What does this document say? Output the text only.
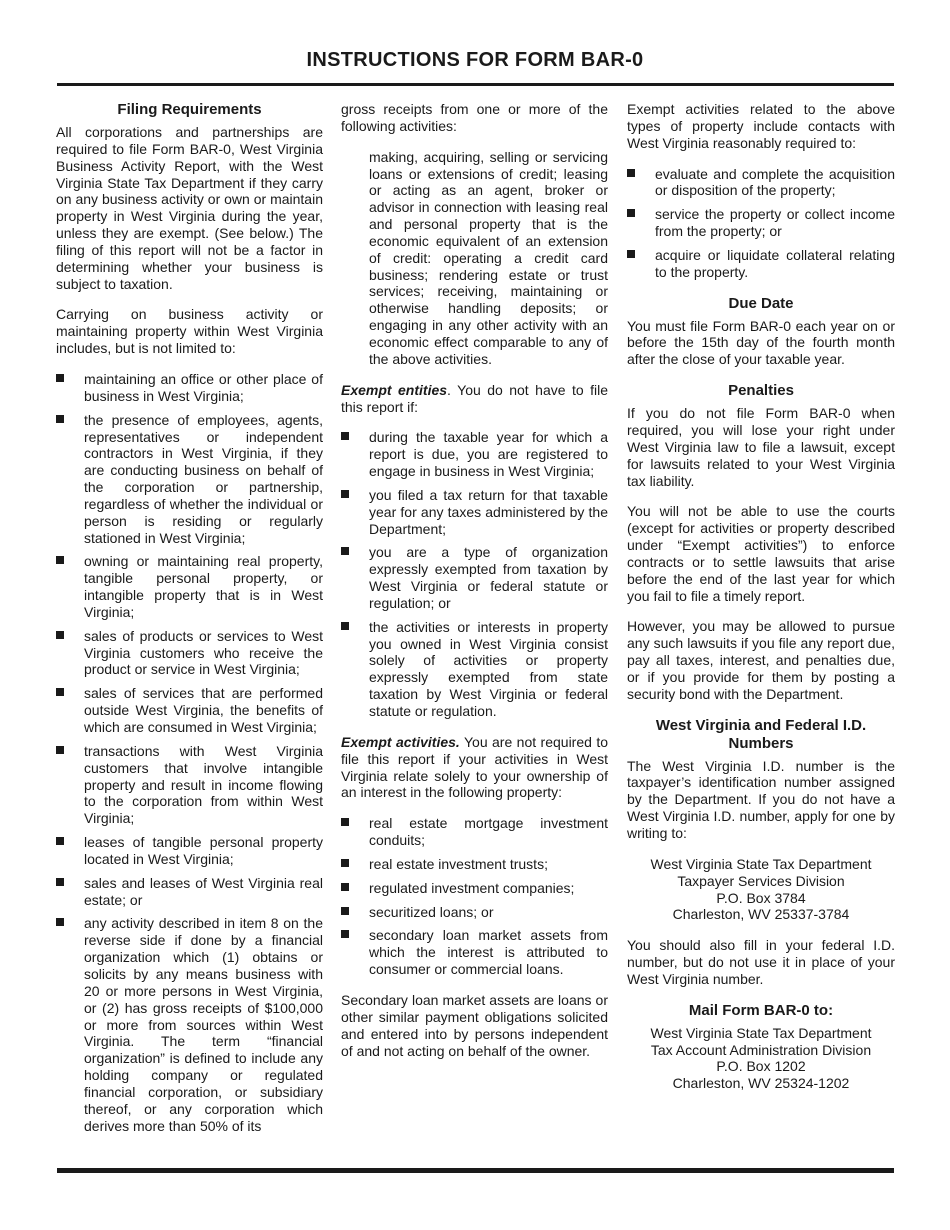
INSTRUCTIONS FOR FORM BAR-0
Filing Requirements

All corporations and partnerships are required to file Form BAR-0, West Virginia Business Activity Report, with the West Virginia State Tax Department if they carry on any business activity or own or maintain property in West Virginia during the year, unless they are exempt. (See below.) The filing of this report will not be a factor in determining whether your business is subject to taxation.

Carrying on business activity or maintaining property within West Virginia includes, but is not limited to:

maintaining an office or other place of business in West Virginia;
the presence of employees, agents, representatives or independent contractors in West Virginia, if they are conducting business on behalf of the corporation or partnership, regardless of whether the individual or person is residing or regularly stationed in West Virginia;
owning or maintaining real property, tangible personal property, or intangible property that is in West Virginia;
sales of products or services to West Virginia customers who receive the product or service in West Virginia;
sales of services that are performed outside West Virginia, the benefits of which are consumed in West Virginia;
transactions with West Virginia customers that involve intangible property and result in income flowing to the corporation from within West Virginia;
leases of tangible personal property located in West Virginia;
sales and leases of West Virginia real estate; or
any activity described in item 8 on the reverse side if done by a financial organization which (1) obtains or solicits by any means business with 20 or more persons in West Virginia, or (2) has gross receipts of $100,000 or more from sources within West Virginia. The term “financial organization” is defined to include any holding company or regulated financial corporation, or subsidiary thereof, or any corporation which derives more than 50% of its

gross receipts from one or more of the following activities:

making, acquiring, selling or servicing loans or extensions of credit; leasing or acting as an agent, broker or advisor in connection with leasing real and personal property that is the economic equivalent of an extension of credit: operating a credit card business; rendering estate or trust services; receiving, maintaining or otherwise handling deposits; or engaging in any other activity with an economic effect comparable to any of the above activities.

Exempt entities. You do not have to file this report if:

during the taxable year for which a report is due, you are registered to engage in business in West Virginia;
you filed a tax return for that taxable year for any taxes administered by the Department;
you are a type of organization expressly exempted from taxation by West Virginia or federal statute or regulation; or
the activities or interests in property you owned in West Virginia consist solely of activities or property expressly exempted from state taxation by West Virginia or federal statute or regulation.

Exempt activities. You are not required to file this report if your activities in West Virginia relate solely to your ownership of an interest in the following property:

real estate mortgage investment conduits;
real estate investment trusts;
regulated investment companies;
securitized loans; or
secondary loan market assets from which the interest is attributed to consumer or commercial loans.

Secondary loan market assets are loans or other similar payment obligations solicited and entered into by persons independent of and not acting on behalf of the owner.

Exempt activities related to the above types of property include contacts with West Virginia reasonably required to:

evaluate and complete the acquisition or disposition of the property;
service the property or collect income from the property; or
acquire or liquidate collateral relating to the property.
Due Date

You must file Form BAR-0 each year on or before the 15th day of the fourth month after the close of your taxable year.

Penalties

If you do not file Form BAR-0 when required, you will lose your right under West Virginia law to file a lawsuit, except for lawsuits related to your West Virginia tax liability.

You will not be able to use the courts (except for activities or property described under “Exempt activities”) to enforce contracts or to settle lawsuits that arise before the end of the last year for which you fail to file a timely report.

However, you may be allowed to pursue any such lawsuits if you file any report due, pay all taxes, interest, and penalties due, or if you provide for them by posting a security bond with the Department.

West Virginia and Federal I.D. Numbers

The West Virginia I.D. number is the taxpayer’s identification number assigned by the Department. If you do not have a West Virginia I.D. number, apply for one by writing to:

West Virginia State Tax Department
Taxpayer Services Division
P.O. Box 3784
Charleston, WV 25337-3784

You should also fill in your federal I.D. number, but do not use it in place of your West Virginia number.

Mail Form BAR-0 to:
West Virginia State Tax Department
Tax Account Administration Division
P.O. Box 1202
Charleston, WV 25324-1202
